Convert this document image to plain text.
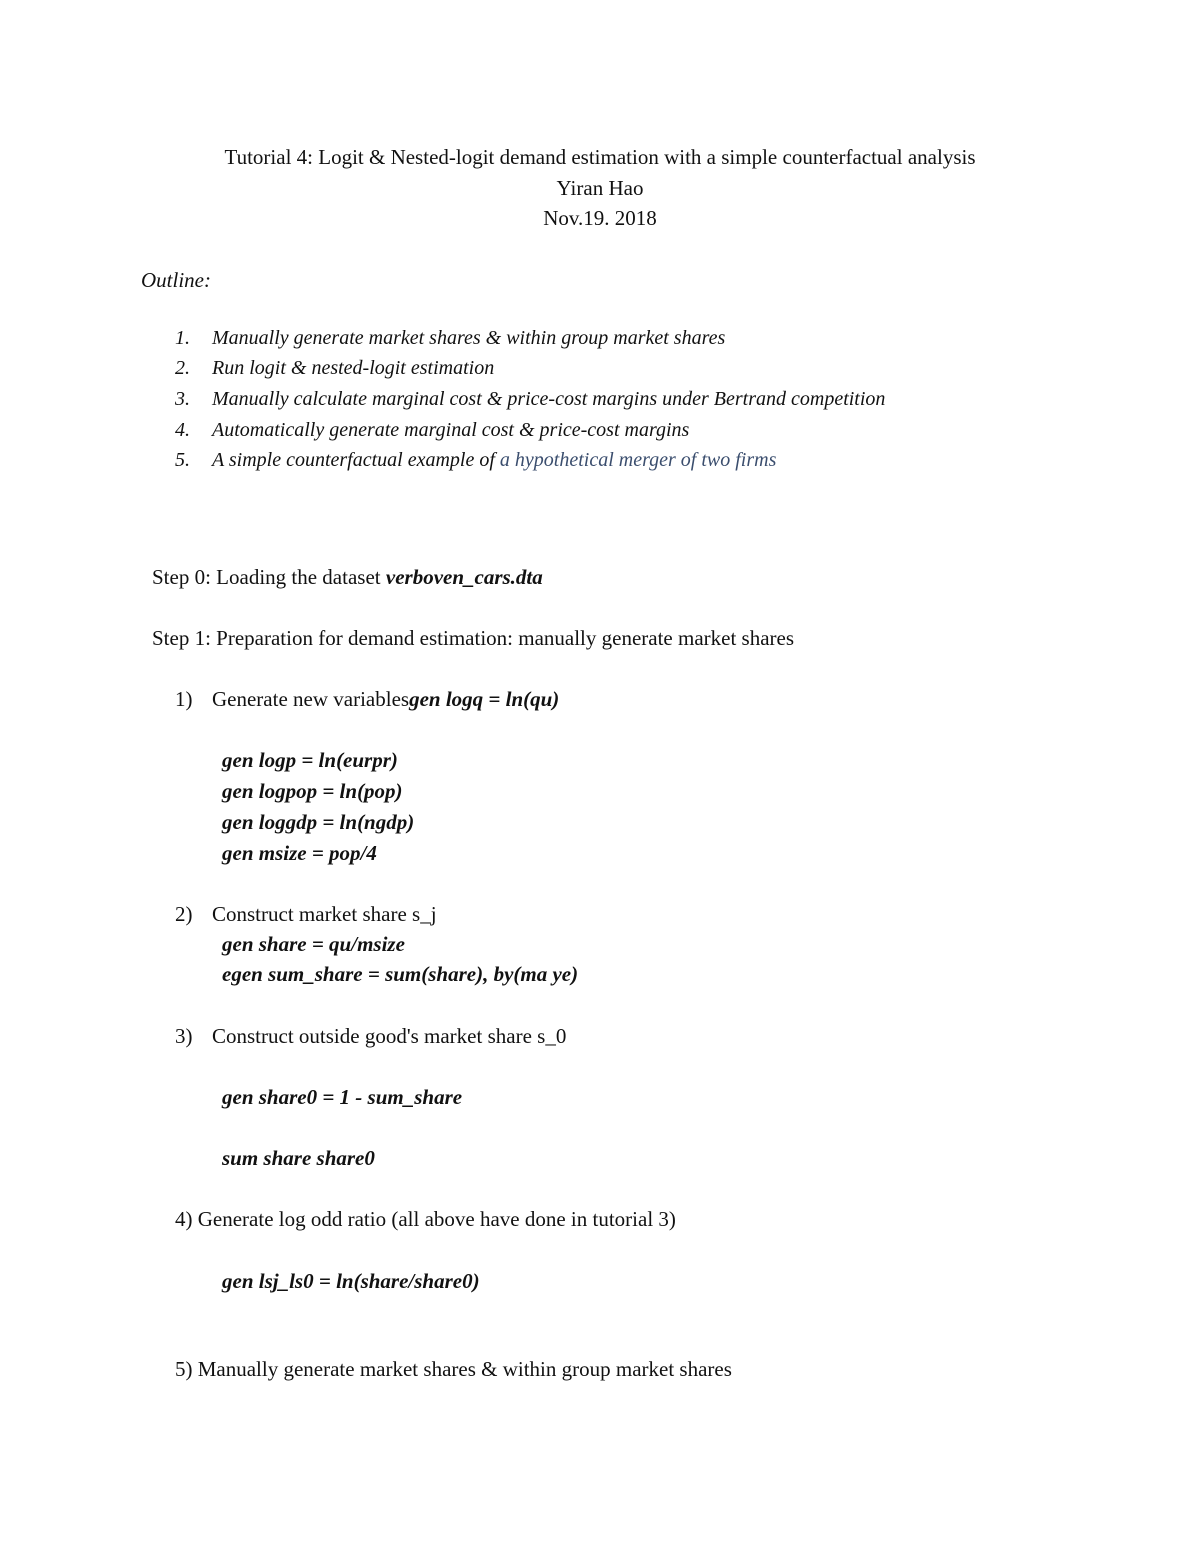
Tutorial 4: Logit & Nested-logit demand estimation with a simple counterfactual analysis
Yiran Hao
Nov.19. 2018
Outline:
1. Manually generate market shares & within group market shares
2. Run logit & nested-logit estimation
3. Manually calculate marginal cost & price-cost margins under Bertrand competition
4. Automatically generate marginal cost & price-cost margins
5. A simple counterfactual example of a hypothetical merger of two firms
Step 0: Loading the dataset verboven_cars.dta
Step 1: Preparation for demand estimation: manually generate market shares
1) Generate new variablesgen logq = ln(qu)
gen logp = ln(eurpr)
gen logpop = ln(pop)
gen loggdp = ln(ngdp)
gen msize = pop/4
2) Construct market share s_j
gen share = qu/msize
egen sum_share = sum(share), by(ma ye)
3) Construct outside good's market share s_0
gen share0 = 1 - sum_share
sum share share0
4) Generate log odd ratio (all above have done in tutorial 3)
gen lsj_ls0 = ln(share/share0)
5) Manually generate market shares & within group market shares
